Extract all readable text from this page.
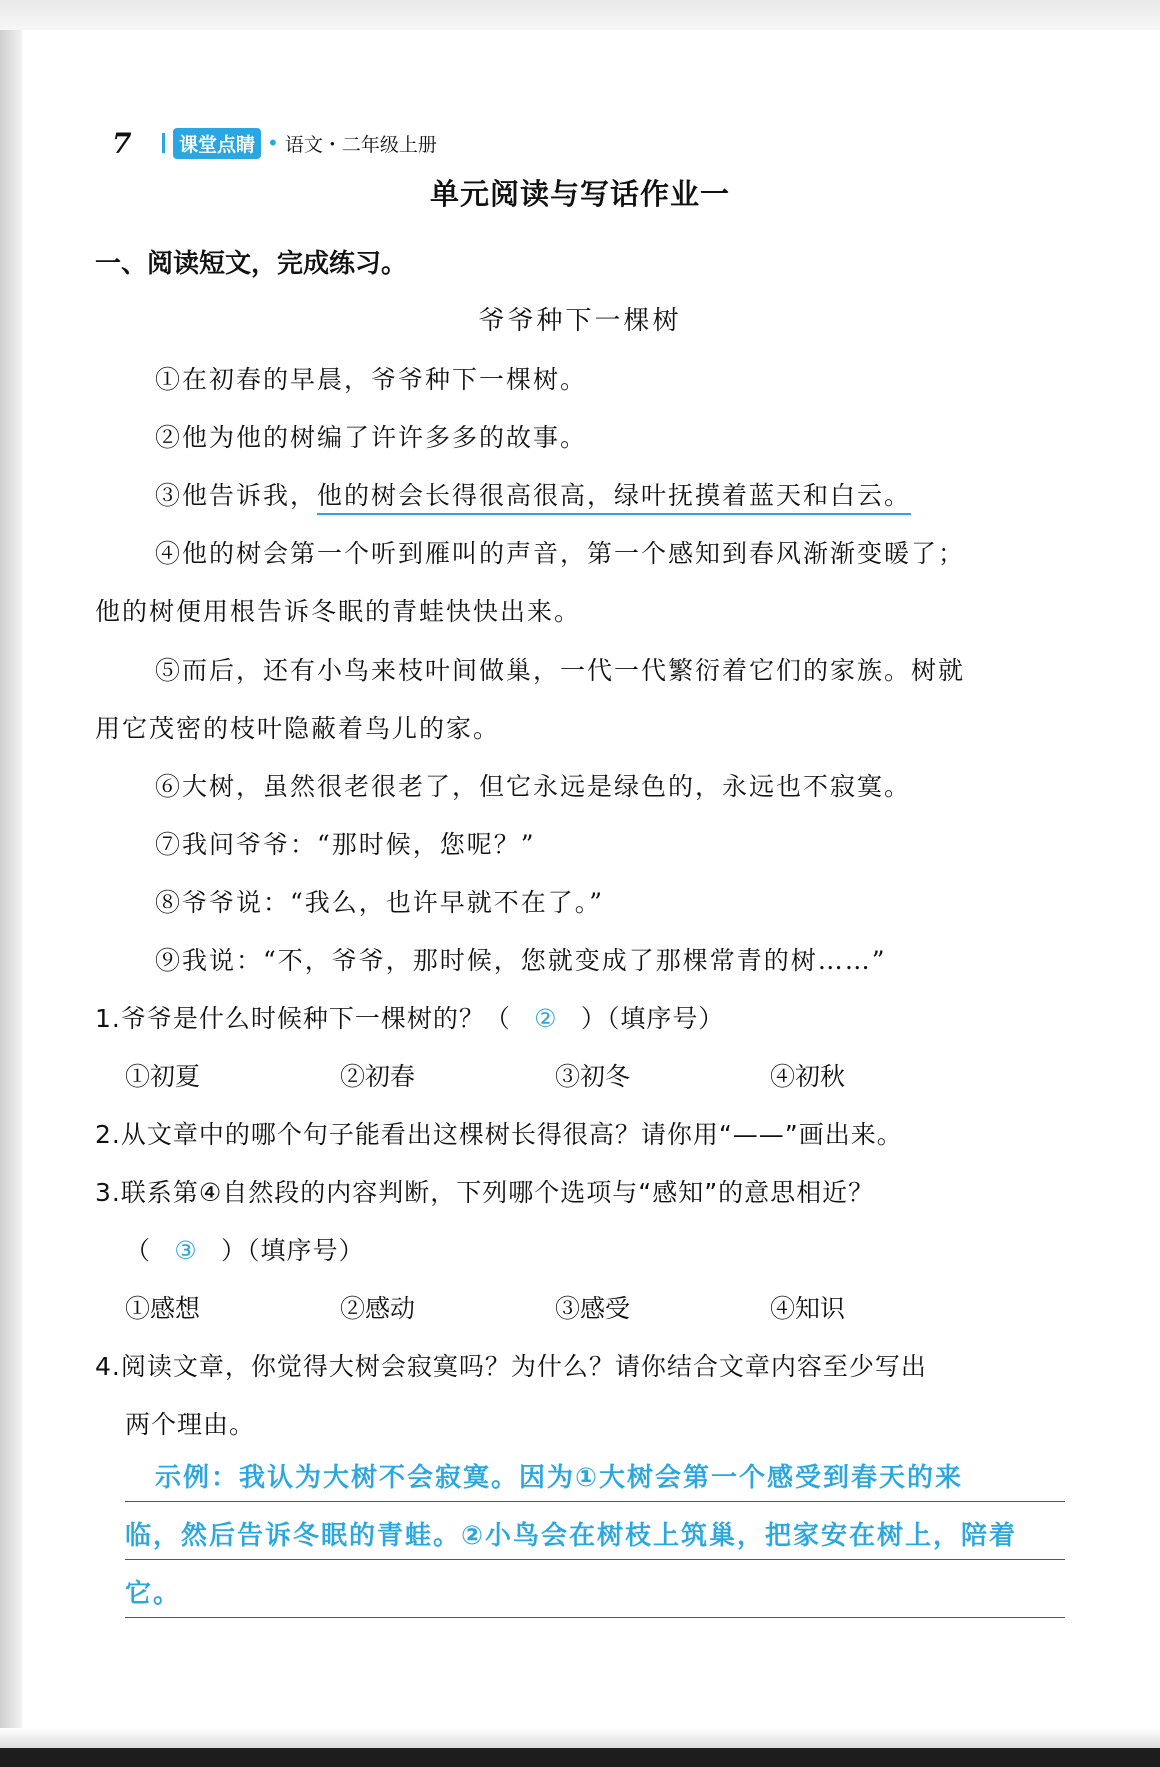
7	课堂点睛 • 语文・二年级上册
单元阅读与写话作业一
一、阅读短文，完成练习。
爷爷种下一棵树
①在初春的早晨，爷爷种下一棵树。
②他为他的树编了许许多多的故事。
③他告诉我，他的树会长得很高很高，绿叶抚摸着蓝天和白云。
④他的树会第一个听到雁叫的声音，第一个感知到春风渐渐变暖了；
他的树便用根告诉冬眠的青蛙快快出来。
⑤而后，还有小鸟来枝叶间做巢，一代一代繁衍着它们的家族。树就
用它茂密的枝叶隐蔽着鸟儿的家。
⑥大树，虽然很老很老了，但它永远是绿色的，永远也不寂寞。
⑦我问爷爷：“那时候，您呢？”
⑧爷爷说：“我么，也许早就不在了。”
⑨我说：“不，爷爷，那时候，您就变成了那棵常青的树……”
1.爷爷是什么时候种下一棵树的？（ ② ）（填序号）
①初夏	②初春	③初冬	④初秋
2.从文章中的哪个句子能看出这棵树长得很高？请你用“——”画出来。
3.联系第④自然段的内容判断，下列哪个选项与“感知”的意思相近？
（ ③ ）（填序号）
①感想	②感动	③感受	④知识
4.阅读文章，你觉得大树会寂寞吗？为什么？请你结合文章内容至少写出
两个理由。
示例：我认为大树不会寂寞。因为①大树会第一个感受到春天的来
临，然后告诉冬眠的青蛙。②小鸟会在树枝上筑巢，把家安在树上，陪着
它。
